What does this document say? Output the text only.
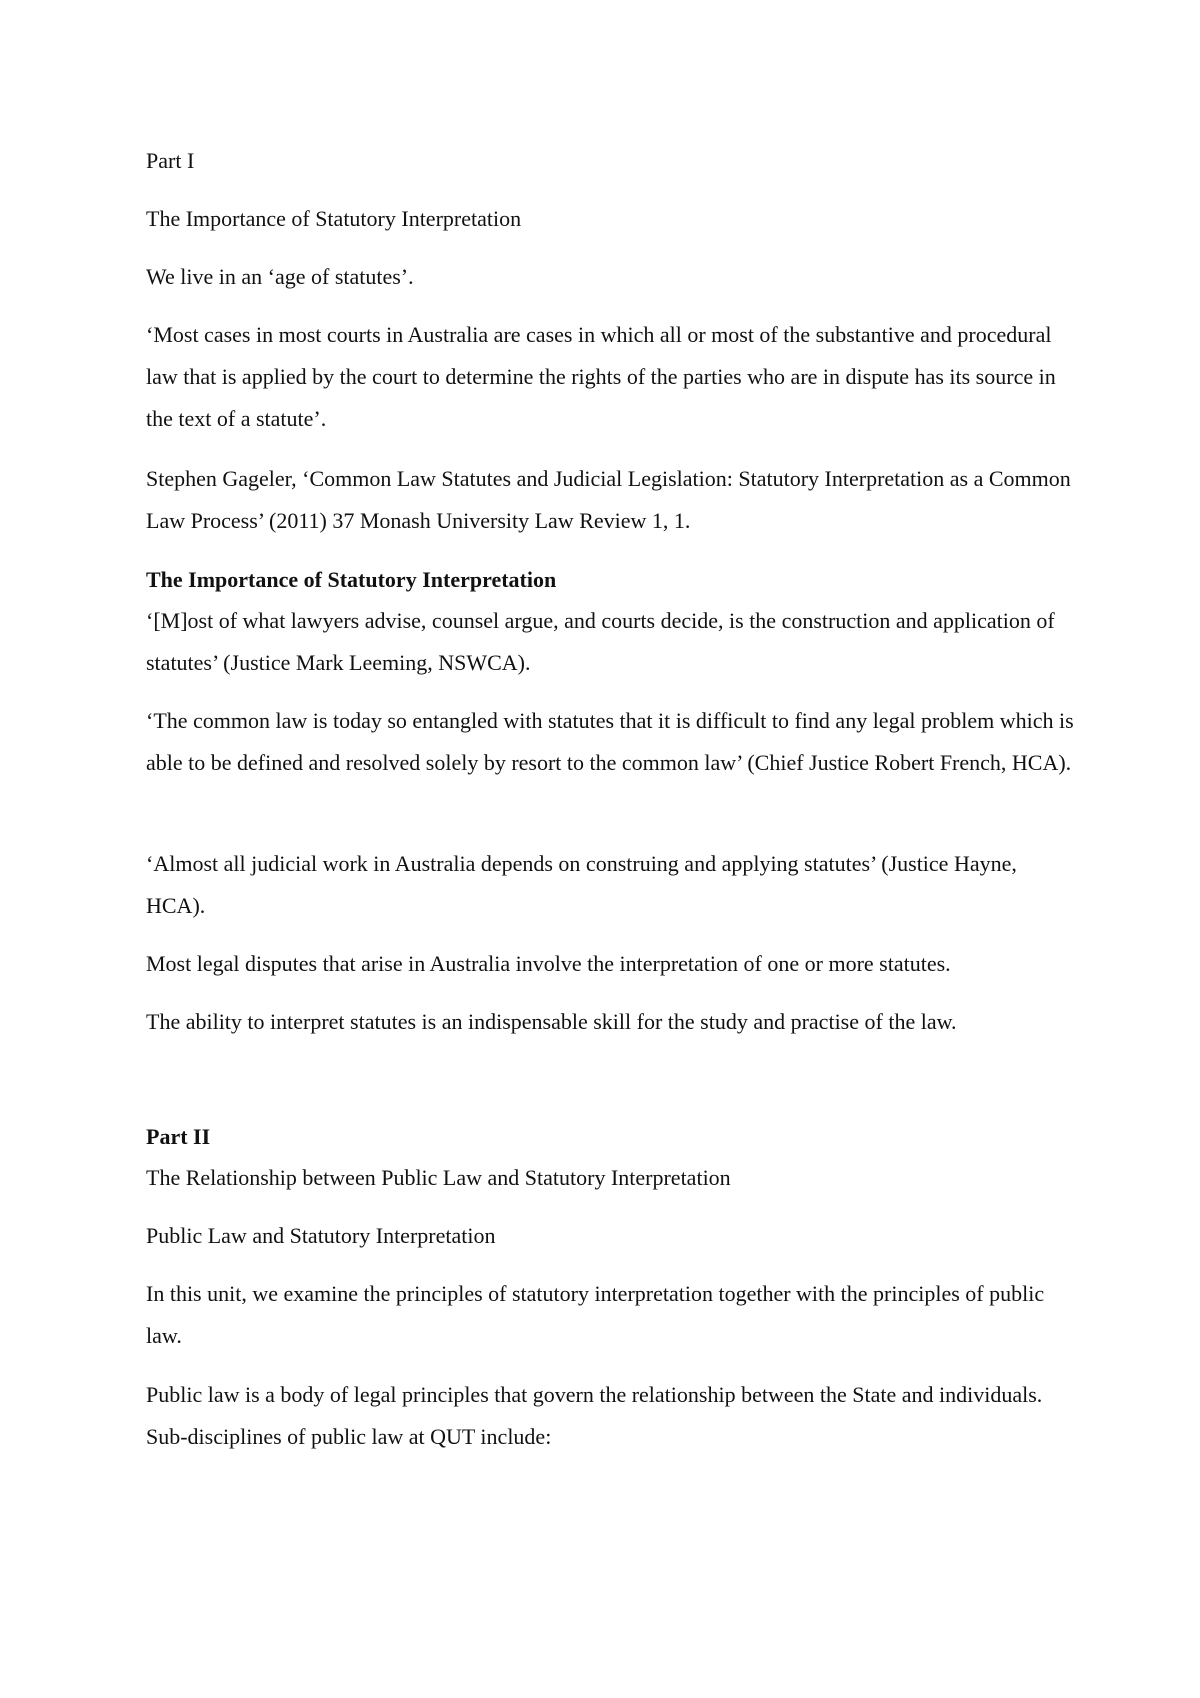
Part I

The Importance of Statutory Interpretation

We live in an ‘age of statutes’.

‘Most cases in most courts in Australia are cases in which all or most of the substantive and procedural law that is applied by the court to determine the rights of the parties who are in dispute has its source in the text of a statute’.

Stephen Gageler, ‘Common Law Statutes and Judicial Legislation: Statutory Interpretation as a Common Law Process’ (2011) 37 Monash University Law Review 1, 1.

The Importance of Statutory Interpretation

‘[M]ost of what lawyers advise, counsel argue, and courts decide, is the construction and application of statutes’ (Justice Mark Leeming, NSWCA).

‘The common law is today so entangled with statutes that it is difficult to find any legal problem which is able to be defined and resolved solely by resort to the common law’ (Chief Justice Robert French, HCA).

‘Almost all judicial work in Australia depends on construing and applying statutes’ (Justice Hayne, HCA).

Most legal disputes that arise in Australia involve the interpretation of one or more statutes.

The ability to interpret statutes is an indispensable skill for the study and practise of the law.

Part II

The Relationship between Public Law and Statutory Interpretation

Public Law and Statutory Interpretation

In this unit, we examine the principles of statutory interpretation together with the principles of public law.

Public law is a body of legal principles that govern the relationship between the State and individuals. Sub-disciplines of public law at QUT include:
